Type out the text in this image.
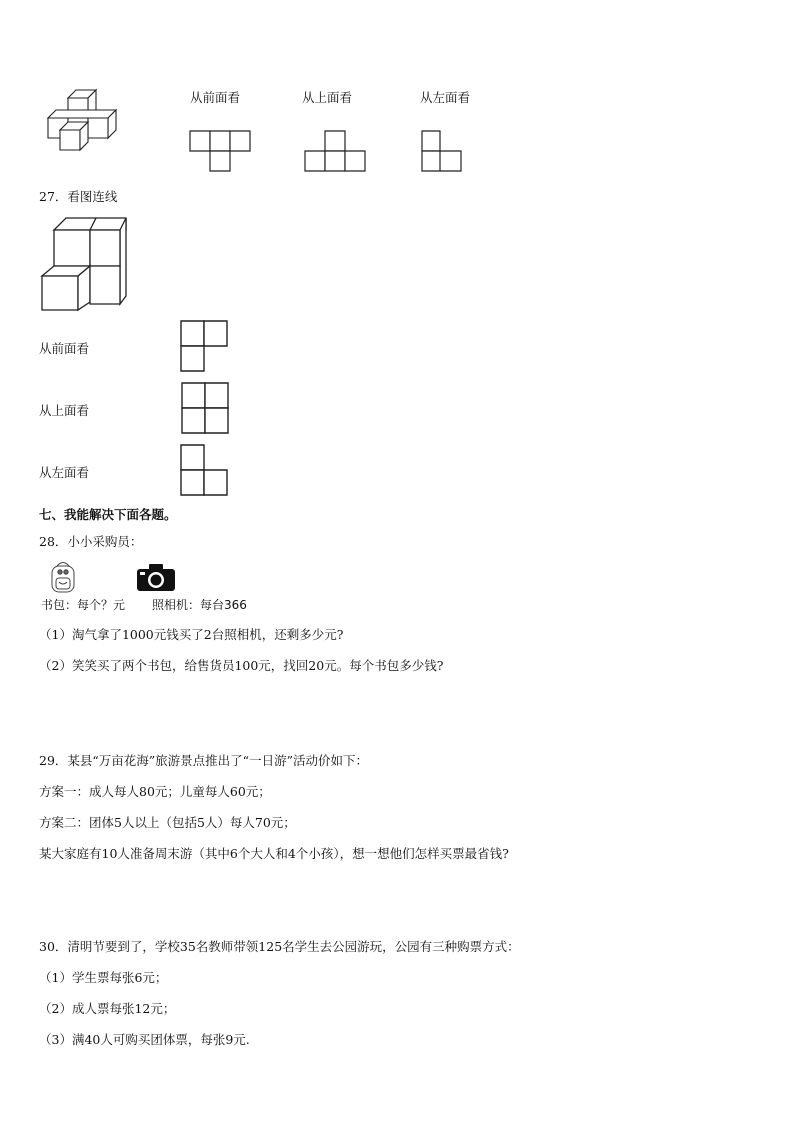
从前面看	从上面看	从左面看
27．看图连线
从前面看
从上面看
从左面看
七、我能解决下面各题。
28．小小采购员：
书包：每个？元 照相机：每台366
（1）淘气拿了1000元钱买了2台照相机，还剩多少元?
（2）笑笑买了两个书包，给售货员100元，找回20元。每个书包多少钱?
29．某县“万亩花海”旅游景点推出了“一日游”活动价如下：
方案一：成人每人80元；儿童每人60元；
方案二：团体5人以上（包括5人）每人70元；
某大家庭有10人准备周末游（其中6个大人和4个小孩），想一想他们怎样买票最省钱?
30．清明节要到了，学校35名教师带领125名学生去公园游玩，公园有三种购票方式：
（1）学生票每张6元；
（2）成人票每张12元；
（3）满40人可购买团体票，每张9元.
